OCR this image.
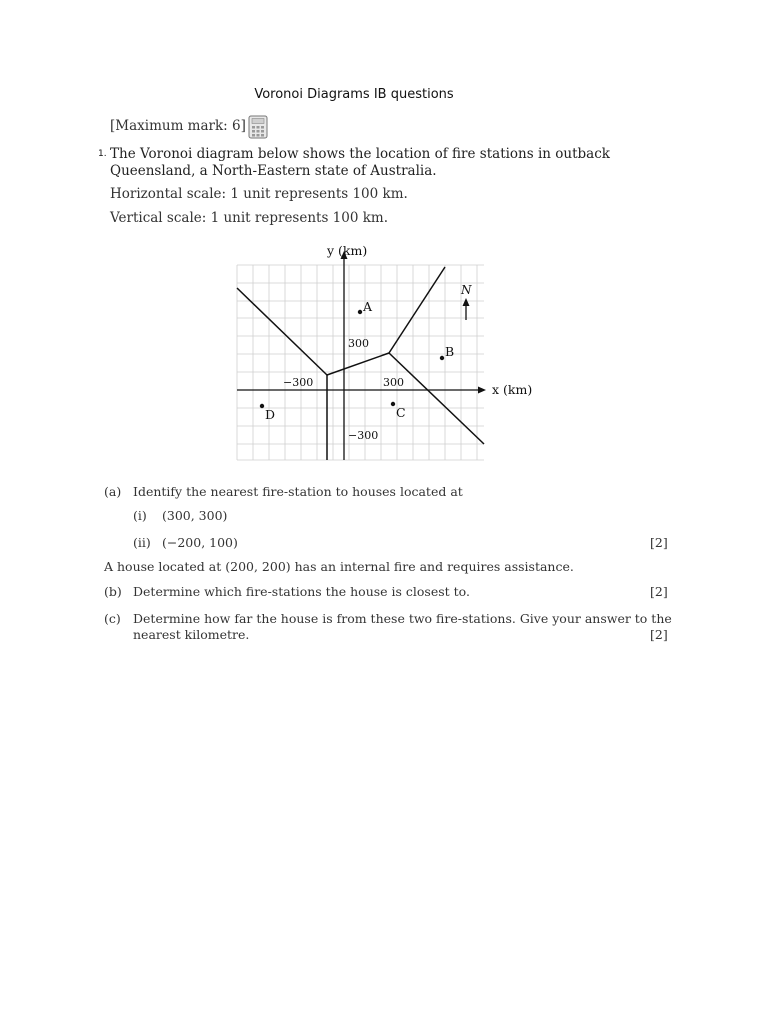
Voronoi Diagrams IB questions
[Maximum mark: 6]
1. The Voronoi diagram below shows the location of fire stations in outback Queensland, a North-Eastern state of Australia.
Horizontal scale: 1 unit represents 100 km.
Vertical scale: 1 unit represents 100 km.
N
A
B
C
D
−300	300
300
−300
y (km)
x (km)
(a) Identify the nearest fire-station to houses located at
(i) (300, 300)
(ii) (−200, 100)	[2]
A house located at (200, 200) has an internal fire and requires assistance.
(b) Determine which fire-stations the house is closest to.	[2]
(c) Determine how far the house is from these two fire-stations. Give your answer to the
nearest kilometre.	[2]
